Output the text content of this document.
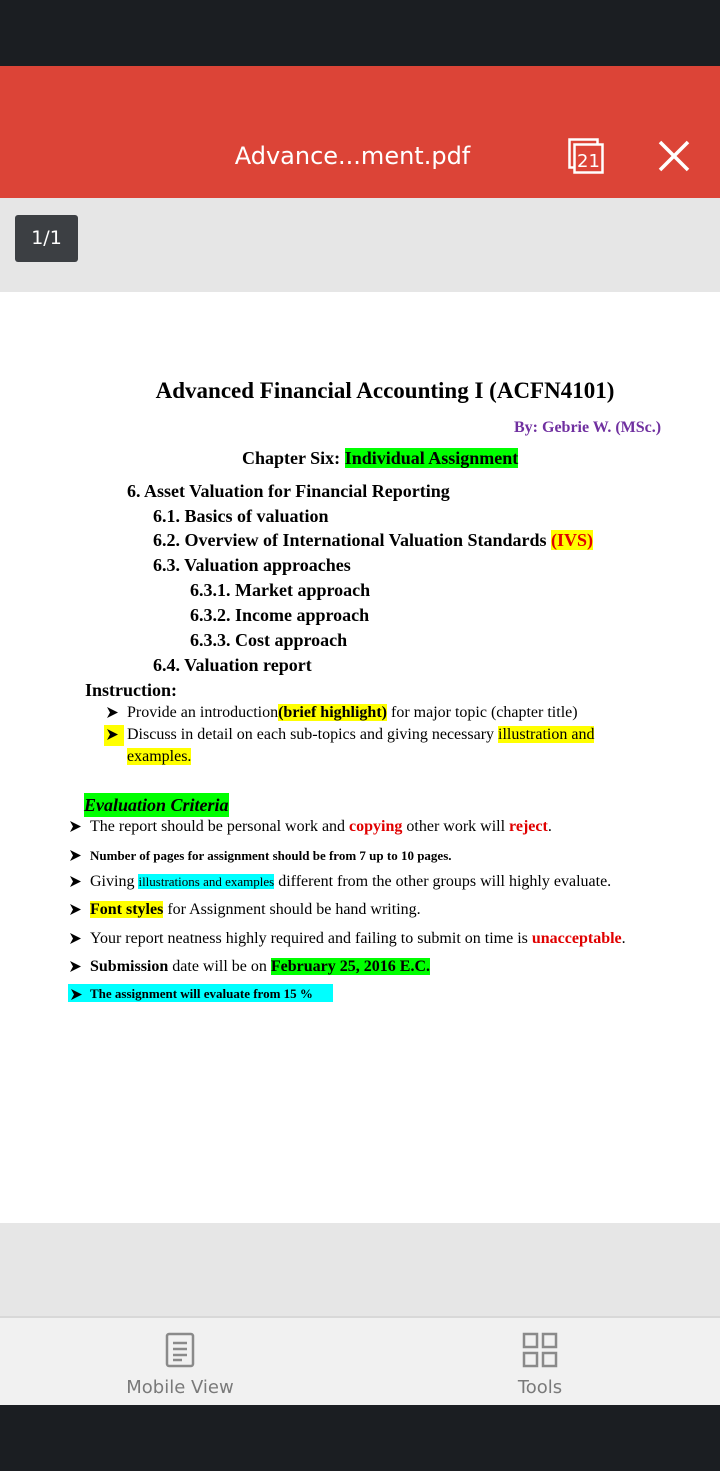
Advance...ment.pdf	21
1/1
Advanced Financial Accounting I (ACFN4101)
By: Gebrie W. (MSc.)
Chapter Six: Individual Assignment
6. Asset Valuation for Financial Reporting
6.1. Basics of valuation
6.2. Overview of International Valuation Standards (IVS)
6.3. Valuation approaches
6.3.1. Market approach
6.3.2. Income approach
6.3.3. Cost approach
6.4. Valuation report
Instruction:
Provide an introduction(brief highlight) for major topic (chapter title)
Discuss in detail on each sub-topics and giving necessary illustration and
examples.
Evaluation Criteria
The report should be personal work and copying other work will reject.
Number of pages for assignment should be from 7 up to 10 pages.
Giving illustrations and examples different from the other groups will highly evaluate.
Font styles for Assignment should be hand writing.
Your report neatness highly required and failing to submit on time is unacceptable.
Submission date will be on February 25, 2016 E.C.
The assignment will evaluate from 15 %
Mobile View	Tools
